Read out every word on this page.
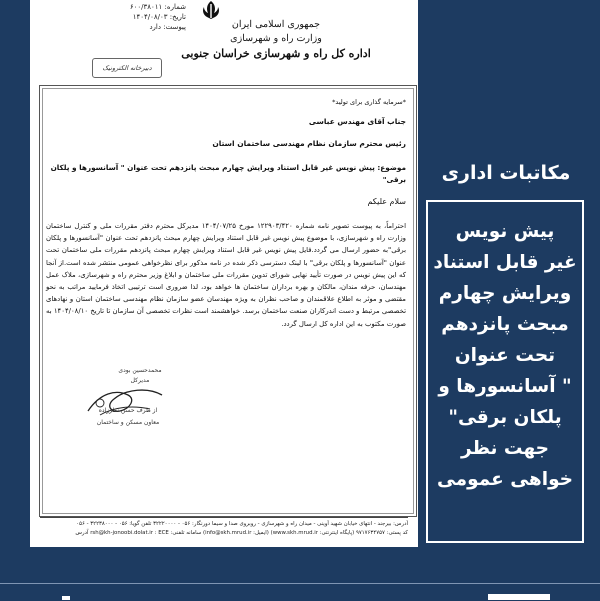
شماره: ۶۰۰/۳۸۰۱۱
تاریخ: ۱۴۰۴/۰۸/۰۳
پیوست: دارد	جمهوری اسلامی ایران
وزارت راه و شهرسازی
اداره کل راه و شهرسازی خراسان جنوبی
دبیرخانه الکترونیک
*سرمایه گذاری برای تولید*
جناب آقای مهندس عباسی
رئیس محترم سازمان نظام مهندسی ساختمان استان
موضوع: پیش نویس غیر قابل استناد ویرایش چهارم مبحث پانزدهم تحت عنوان " آسانسورها و پلکان برقی"
سلام علیکم
احتراماً، به پیوست تصویر نامه شماره ۱۲۲۹۰۳/۴۲۰ مورخ ۱۴۰۴/۰۷/۲۵ مدیرکل محترم دفتر مقررات ملی و کنترل ساختمان وزارت راه و شهرسازی، با موضوع پیش نویس غیر قابل استناد ویرایش چهارم مبحث پانزدهم تحت عنوان "آسانسورها و پلکان برقی"به حضور ارسال می گردد.فایل پیش نویس غیر قابل استناد ویرایش چهارم مبحث پانزدهم مقررات ملی ساختمان تحت عنوان "آسانسورها و پلکان برقی" با لینک دسترسی ذکر شده در نامه مذکور برای نظرخواهی عمومی منتشر شده است.از آنجا که این پیش نویس در صورت تأیید نهایی شورای تدوین مقررات ملی ساختمان و ابلاغ وزیر محترم راه و شهرسازی، ملاک عمل مهندسان، حرفه مندان، مالکان و بهره برداران ساختمان ها خواهد بود، لذا ضروری است ترتیبی اتخاذ فرمایید مراتب به نحو مقتضی و موثر به اطلاع علاقمندان و صاحب نظران به ویژه مهندسان عضو سازمان نظام مهندسی ساختمان استان و نهادهای تخصصی مرتبط و دست اندرکاران صنعت ساختمان برسد. خواهشمند است نظرات تخصصی آن سازمان تا تاریخ ۱۴۰۴/۰۸/۱۰ به صورت مکتوب به این اداره کل ارسال گردد.
محمدحسین بودی
مدیرکل
از طرف حسن نظرزاده
معاون مسکن و ساختمان
آدرس: بیرجند - انتهای خیابان شهید آوینی - میدان راه و شهرسازی - روبروی صدا و سیما دورنگار: ۰۵۶ - ۳۲۲۲۰۰۰۰ تلفن گویا: ۰۵۶ - ۳۲۲۳۸۰۰۰ - ۰۵۶
کد پستی: ۹۷۱۷۶۳۴۷۵۷ (پایگاه اینترنتی: www.skh.mrud.ir) (ایمیل: info@skh.mrud.ir) سامانه تلفنی: rsh@kh-jonoobi.dolat.ir : ECE آدرس
مکاتبات اداری
پیش نویس
غیر قابل استناد
ویرایش چهارم
مبحث پانزدهم
تحت عنوان
" آسانسورها و
پلکان برقی"
جهت نظر
خواهی عمومی
